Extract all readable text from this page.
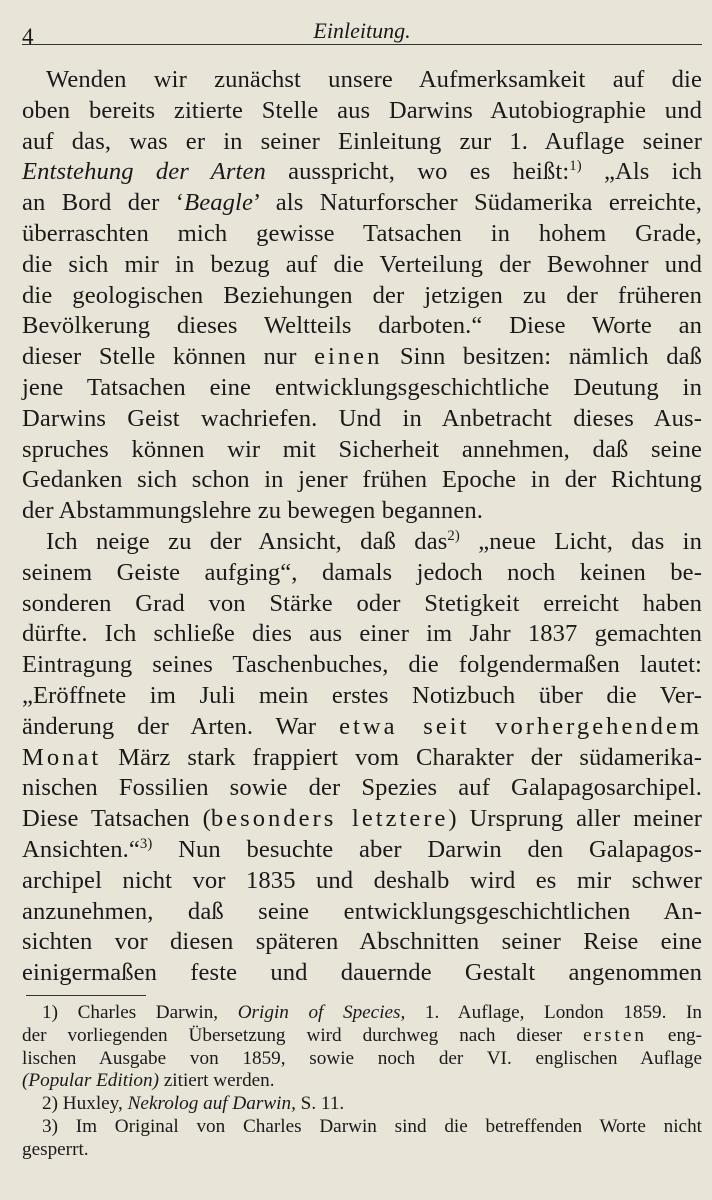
4	Einleitung.
Wenden wir zunächst unsere Aufmerksamkeit auf die
oben bereits zitierte Stelle aus Darwins Autobiographie und
auf das, was er in seiner Einleitung zur 1. Auflage seiner
Entstehung der Arten ausspricht, wo es heißt:$^{1)}$ „Als ich
an Bord der ‘Beagle’ als Naturforscher Südamerika erreichte,
überraschten mich gewisse Tatsachen in hohem Grade,
die sich mir in bezug auf die Verteilung der Bewohner und
die geologischen Beziehungen der jetzigen zu der früheren
Bevölkerung dieses Weltteils darboten.“ Diese Worte an
dieser Stelle können nur einen Sinn besitzen: nämlich daß
jene Tatsachen eine entwicklungsgeschichtliche Deutung in
Darwins Geist wachriefen. Und in Anbetracht dieses Aus-
spruches können wir mit Sicherheit annehmen, daß seine
Gedanken sich schon in jener frühen Epoche in der Richtung
der Abstammungslehre zu bewegen begannen.
Ich neige zu der Ansicht, daß das$^{2)}$ „neue Licht, das in
seinem Geiste aufging“, damals jedoch noch keinen be-
sonderen Grad von Stärke oder Stetigkeit erreicht haben
dürfte. Ich schließe dies aus einer im Jahr 1837 gemachten
Eintragung seines Taschenbuches, die folgendermaßen lautet:
„Eröffnete im Juli mein erstes Notizbuch über die Ver-
änderung der Arten. War etwa seit vorhergehendem
Monat März stark frappiert vom Charakter der südamerika-
nischen Fossilien sowie der Spezies auf Galapagosarchipel.
Diese Tatsachen (besonders letztere) Ursprung aller meiner
Ansichten.“$^{3)}$ Nun besuchte aber Darwin den Galapagos-
archipel nicht vor 1835 und deshalb wird es mir schwer
anzunehmen, daß seine entwicklungsgeschichtlichen An-
sichten vor diesen späteren Abschnitten seiner Reise eine
einigermaßen feste und dauernde Gestalt angenommen
1) Charles Darwin, Origin of Species, 1. Auflage, London 1859. In
der vorliegenden Übersetzung wird durchweg nach dieser ersten eng-
lischen Ausgabe von 1859, sowie noch der VI. englischen Auflage
(Popular Edition) zitiert werden.
2) Huxley, Nekrolog auf Darwin, S. 11.
3) Im Original von Charles Darwin sind die betreffenden Worte nicht
gesperrt.
